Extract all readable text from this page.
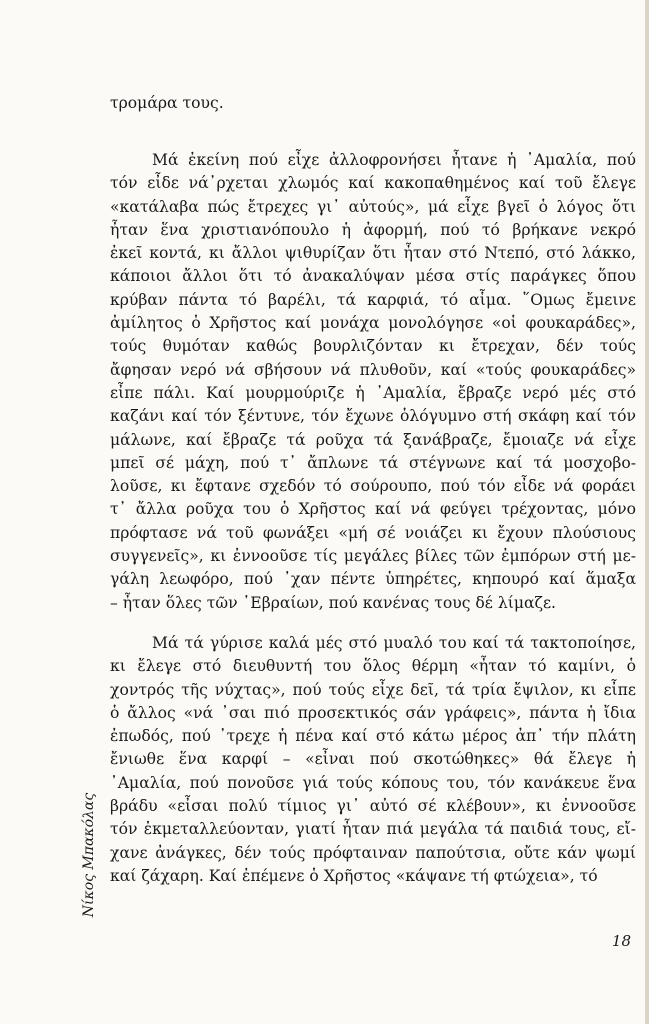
τρομάρα τους.
Μά ἐκείνη πού εἶχε ἀλλοφρονήσει ἦτανε ἡ ᾿Αμαλία, πού
τόν εἶδε νά᾿ρχεται χλωμός καί κακοπαθημένος καί τοῦ ἔλεγε
«κατάλαβα πώς ἔτρεχες γι᾿ αὐτούς», μά εἶχε βγεῖ ὁ λόγος ὅτι
ἦταν ἕνα χριστιανόπουλο ἡ ἀφορμή, πού τό βρήκανε νεκρό
ἐκεῖ κοντά, κι ἄλλοι ψιθυρίζαν ὅτι ἦταν στό Ντεπό, στό λάκκο,
κάποιοι ἄλλοι ὅτι τό ἀνακαλύψαν μέσα στίς παράγκες ὅπου
κρύβαν πάντα τό βαρέλι, τά καρφιά, τό αἷμα. ῞Ομως ἔμεινε
ἀμίλητος ὁ Χρῆστος καί μονάχα μονολόγησε «οἱ φουκαράδες»,
τούς θυμόταν καθώς βουρλιζόνταν κι ἔτρεχαν, δέν τούς
ἄφησαν νερό νά σβήσουν νά πλυθοῦν, καί «τούς φουκαράδες»
εἶπε πάλι. Καί μουρμούριζε ἡ ᾿Αμαλία, ἔβραζε νερό μές στό
καζάνι καί τόν ξέντυνε, τόν ἔχωνε ὁλόγυμνο στή σκάφη καί τόν
μάλωνε, καί ἔβραζε τά ροῦχα τά ξανάβραζε, ἔμοιαζε νά εἶχε
μπεῖ σέ μάχη, πού τ᾿ ἄπλωνε τά στέγνωνε καί τά μοσχοβο-
λοῦσε, κι ἔφτανε σχεδόν τό σούρουπο, πού τόν εἶδε νά φοράει
τ᾿ ἄλλα ροῦχα του ὁ Χρῆστος καί νά φεύγει τρέχοντας, μόνο
πρόφτασε νά τοῦ φωνάξει «μή σέ νοιάζει κι ἔχουν πλούσιους
συγγενεῖς», κι ἐννοοῦσε τίς μεγάλες βίλες τῶν ἐμπόρων στή με-
γάλη λεωφόρο, πού ᾿χαν πέντε ὑπηρέτες, κηπουρό καί ἅμαξα
– ἦταν ὅλες τῶν ῾Εβραίων, πού κανένας τους δέ λίμαζε.
Μά τά γύρισε καλά μές στό μυαλό του καί τά τακτοποίησε,
κι ἔλεγε στό διευθυντή του ὅλος θέρμη «ἦταν τό καμίνι, ὁ
χοντρός τῆς νύχτας», πού τούς εἶχε δεῖ, τά τρία ἔψιλον, κι εἶπε
ὁ ἄλλος «νά ᾿σαι πιό προσεκτικός σάν γράφεις», πάντα ἡ ἴδια
ἐπωδός, πού ᾿τρεχε ἡ πένα καί στό κάτω μέρος ἀπ᾿ τήν πλάτη
ἔνιωθε ἕνα καρφί – «εἶναι πού σκοτώθηκες» θά ἔλεγε ἡ
᾿Αμαλία, πού πονοῦσε γιά τούς κόπους του, τόν κανάκευε ἕνα
βράδυ «εἶσαι πολύ τίμιος γι᾿ αὐτό σέ κλέβουν», κι ἐννοοῦσε
τόν ἐκμεταλλεύονταν, γιατί ἦταν πιά μεγάλα τά παιδιά τους, εἴ-
χανε ἀνάγκες, δέν τούς πρόφταιναν παπούτσια, οὔτε κάν ψωμί
καί ζάχαρη. Καί ἐπέμενε ὁ Χρῆστος «κάψανε τή φτώχεια», τό
Νίκος Μπακόλας
18
